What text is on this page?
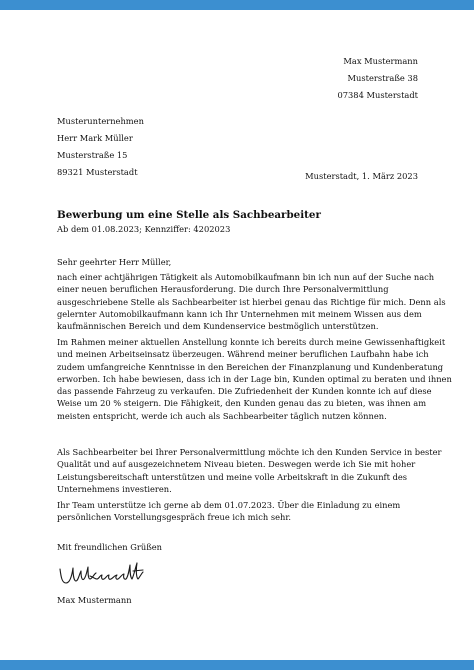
Max Mustermann
Musterstraße 38
07384 Musterstadt
Musterunternehmen
Herr Mark Müller
Musterstraße 15
89321 Musterstadt	Musterstadt, 1. März 2023
Bewerbung um eine Stelle als Sachbearbeiter
Ab dem 01.08.2023; Kennziffer: 4202023
Sehr geehrter Herr Müller,
nach einer achtjährigen Tätigkeit als Automobilkaufmann bin ich nun auf der Suche nach
einer neuen beruflichen Herausforderung. Die durch Ihre Personalvermittlung
ausgeschriebene Stelle als Sachbearbeiter ist hierbei genau das Richtige für mich. Denn als
gelernter Automobilkaufmann kann ich Ihr Unternehmen mit meinem Wissen aus dem
kaufmännischen Bereich und dem Kundenservice bestmöglich unterstützen.
Im Rahmen meiner aktuellen Anstellung konnte ich bereits durch meine Gewissenhaftigkeit
und meinen Arbeitseinsatz überzeugen. Während meiner beruflichen Laufbahn habe ich
zudem umfangreiche Kenntnisse in den Bereichen der Finanzplanung und Kundenberatung
erworben. Ich habe bewiesen, dass ich in der Lage bin, Kunden optimal zu beraten und ihnen
das passende Fahrzeug zu verkaufen. Die Zufriedenheit der Kunden konnte ich auf diese
Weise um 20 % steigern. Die Fähigkeit, den Kunden genau das zu bieten, was ihnen am
meisten entspricht, werde ich auch als Sachbearbeiter täglich nutzen können.
Als Sachbearbeiter bei Ihrer Personalvermittlung möchte ich den Kunden Service in bester
Qualität und auf ausgezeichnetem Niveau bieten. Deswegen werde ich Sie mit hoher
Leistungsbereitschaft unterstützen und meine volle Arbeitskraft in die Zukunft des
Unternehmens investieren.
Ihr Team unterstütze ich gerne ab dem 01.07.2023. Über die Einladung zu einem
persönlichen Vorstellungsgespräch freue ich mich sehr.
Mit freundlichen Grüßen
Max Mustermann
